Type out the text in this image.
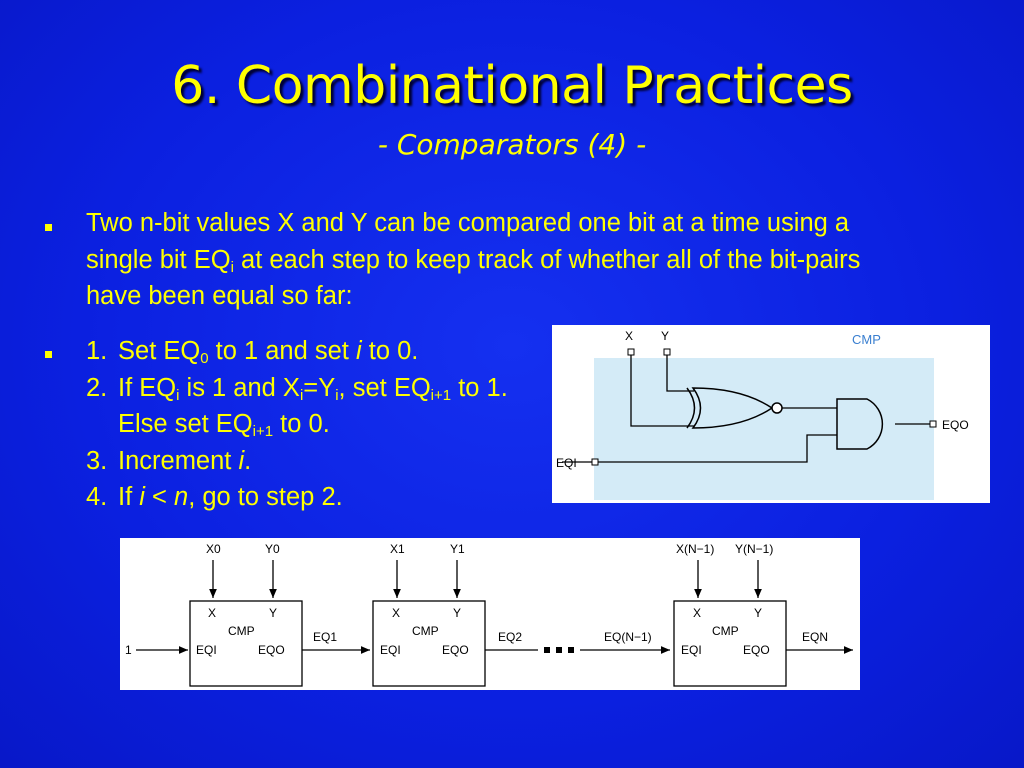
6. Combinational Practices
- Comparators (4) -
Two n-bit values X and Y can be compared one bit at a time using a
single bit $EQ_i$ at each step to keep track of whether all of the bit-pairs
have been equal so far:
1. Set $EQ_0$ to 1 and set i to 0.
2. If $EQ_i$ is 1 and $X_i=Y_i$, set $EQ_{i+1}$ to 1.
Else set $EQ_{i+1}$ to 0.
3. Increment i.
4. If i < n, go to step 2.
CMP
X Y
EQI
EQO
1
X0	Y0
X	Y
CMP
EQI	EQO
EQ1
X1	Y1
X	Y
CMP
EQI	EQO
EQ2	EQ(N−1)
X(N−1) Y(N−1)
X	Y
CMP
EQI	EQO
EQN
